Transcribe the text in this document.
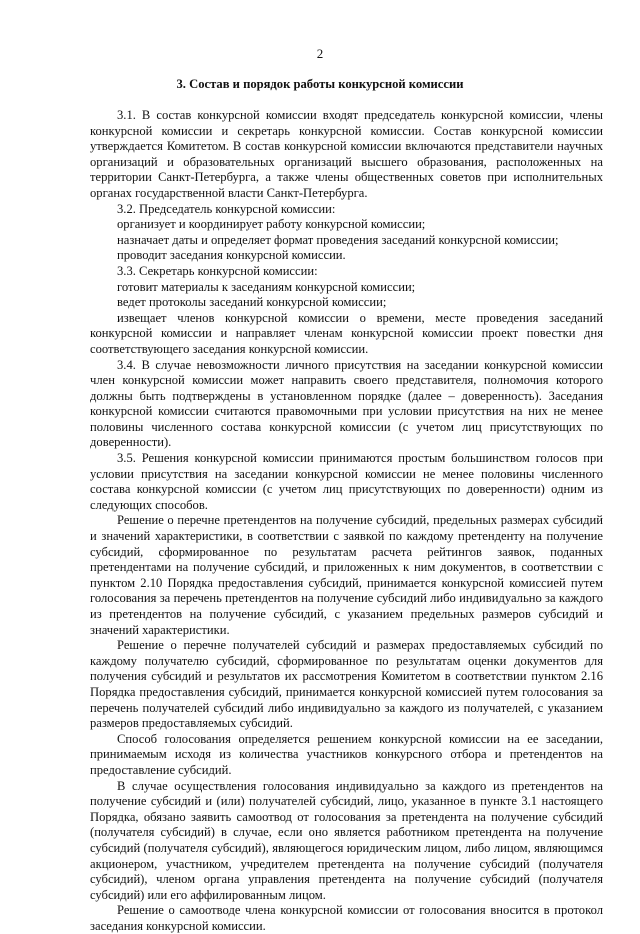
2
3. Состав и порядок работы конкурсной комиссии

3.1. В состав конкурсной комиссии входят председатель конкурсной комиссии, члены конкурсной комиссии и секретарь конкурсной комиссии. Состав конкурсной комиссии утверждается Комитетом. В состав конкурсной комиссии включаются представители научных организаций и образовательных организаций высшего образования, расположенных на территории Санкт-Петербурга, а также члены общественных советов при исполнительных органах государственной власти Санкт-Петербурга.

3.2. Председатель конкурсной комиссии:

организует и координирует работу конкурсной комиссии;

назначает даты и определяет формат проведения заседаний конкурсной комиссии;

проводит заседания конкурсной комиссии.

3.3. Секретарь конкурсной комиссии:

готовит материалы к заседаниям конкурсной комиссии;

ведет протоколы заседаний конкурсной комиссии;

извещает членов конкурсной комиссии о времени, месте проведения заседаний конкурсной комиссии и направляет членам конкурсной комиссии проект повестки дня соответствующего заседания конкурсной комиссии.

3.4. В случае невозможности личного присутствия на заседании конкурсной комиссии член конкурсной комиссии может направить своего представителя, полномочия которого должны быть подтверждены в установленном порядке (далее – доверенность). Заседания конкурсной комиссии считаются правомочными при условии присутствия на них не менее половины численного состава конкурсной комиссии (с учетом лиц присутствующих по доверенности).

3.5. Решения конкурсной комиссии принимаются простым большинством голосов при условии присутствия на заседании конкурсной комиссии не менее половины численного состава конкурсной комиссии (с учетом лиц присутствующих по доверенности) одним из следующих способов.

Решение о перечне претендентов на получение субсидий, предельных размерах субсидий и значений характеристики, в соответствии с заявкой по каждому претенденту на получение субсидий, сформированное по результатам расчета рейтингов заявок, поданных претендентами на получение субсидий, и приложенных к ним документов, в соответствии с пунктом 2.10 Порядка предоставления субсидий, принимается конкурсной комиссией путем голосования за перечень претендентов на получение субсидий либо индивидуально за каждого из претендентов на получение субсидий, с указанием предельных размеров субсидий и значений характеристики.

Решение о перечне получателей субсидий и размерах предоставляемых субсидий по каждому получателю субсидий, сформированное по результатам оценки документов для получения субсидий и результатов их рассмотрения Комитетом в соответствии пунктом 2.16 Порядка предоставления субсидий, принимается конкурсной комиссией путем голосования за перечень получателей субсидий либо индивидуально за каждого из получателей, с указанием размеров предоставляемых субсидий.

Способ голосования определяется решением конкурсной комиссии на ее заседании, принимаемым исходя из количества участников конкурсного отбора и претендентов на предоставление субсидий.

В случае осуществления голосования индивидуально за каждого из претендентов на получение субсидий и (или) получателей субсидий, лицо, указанное в пункте 3.1 настоящего Порядка, обязано заявить самоотвод от голосования за претендента на получение субсидий (получателя субсидий) в случае, если оно является работником претендента на получение субсидий (получателя субсидий), являющегося юридическим лицом, либо лицом, являющимся акционером, участником, учредителем претендента на получение субсидий (получателя субсидий), членом органа управления претендента на получение субсидий (получателя субсидий) или его аффилированным лицом.

Решение о самоотводе члена конкурсной комиссии от голосования вносится в протокол заседания конкурсной комиссии.
